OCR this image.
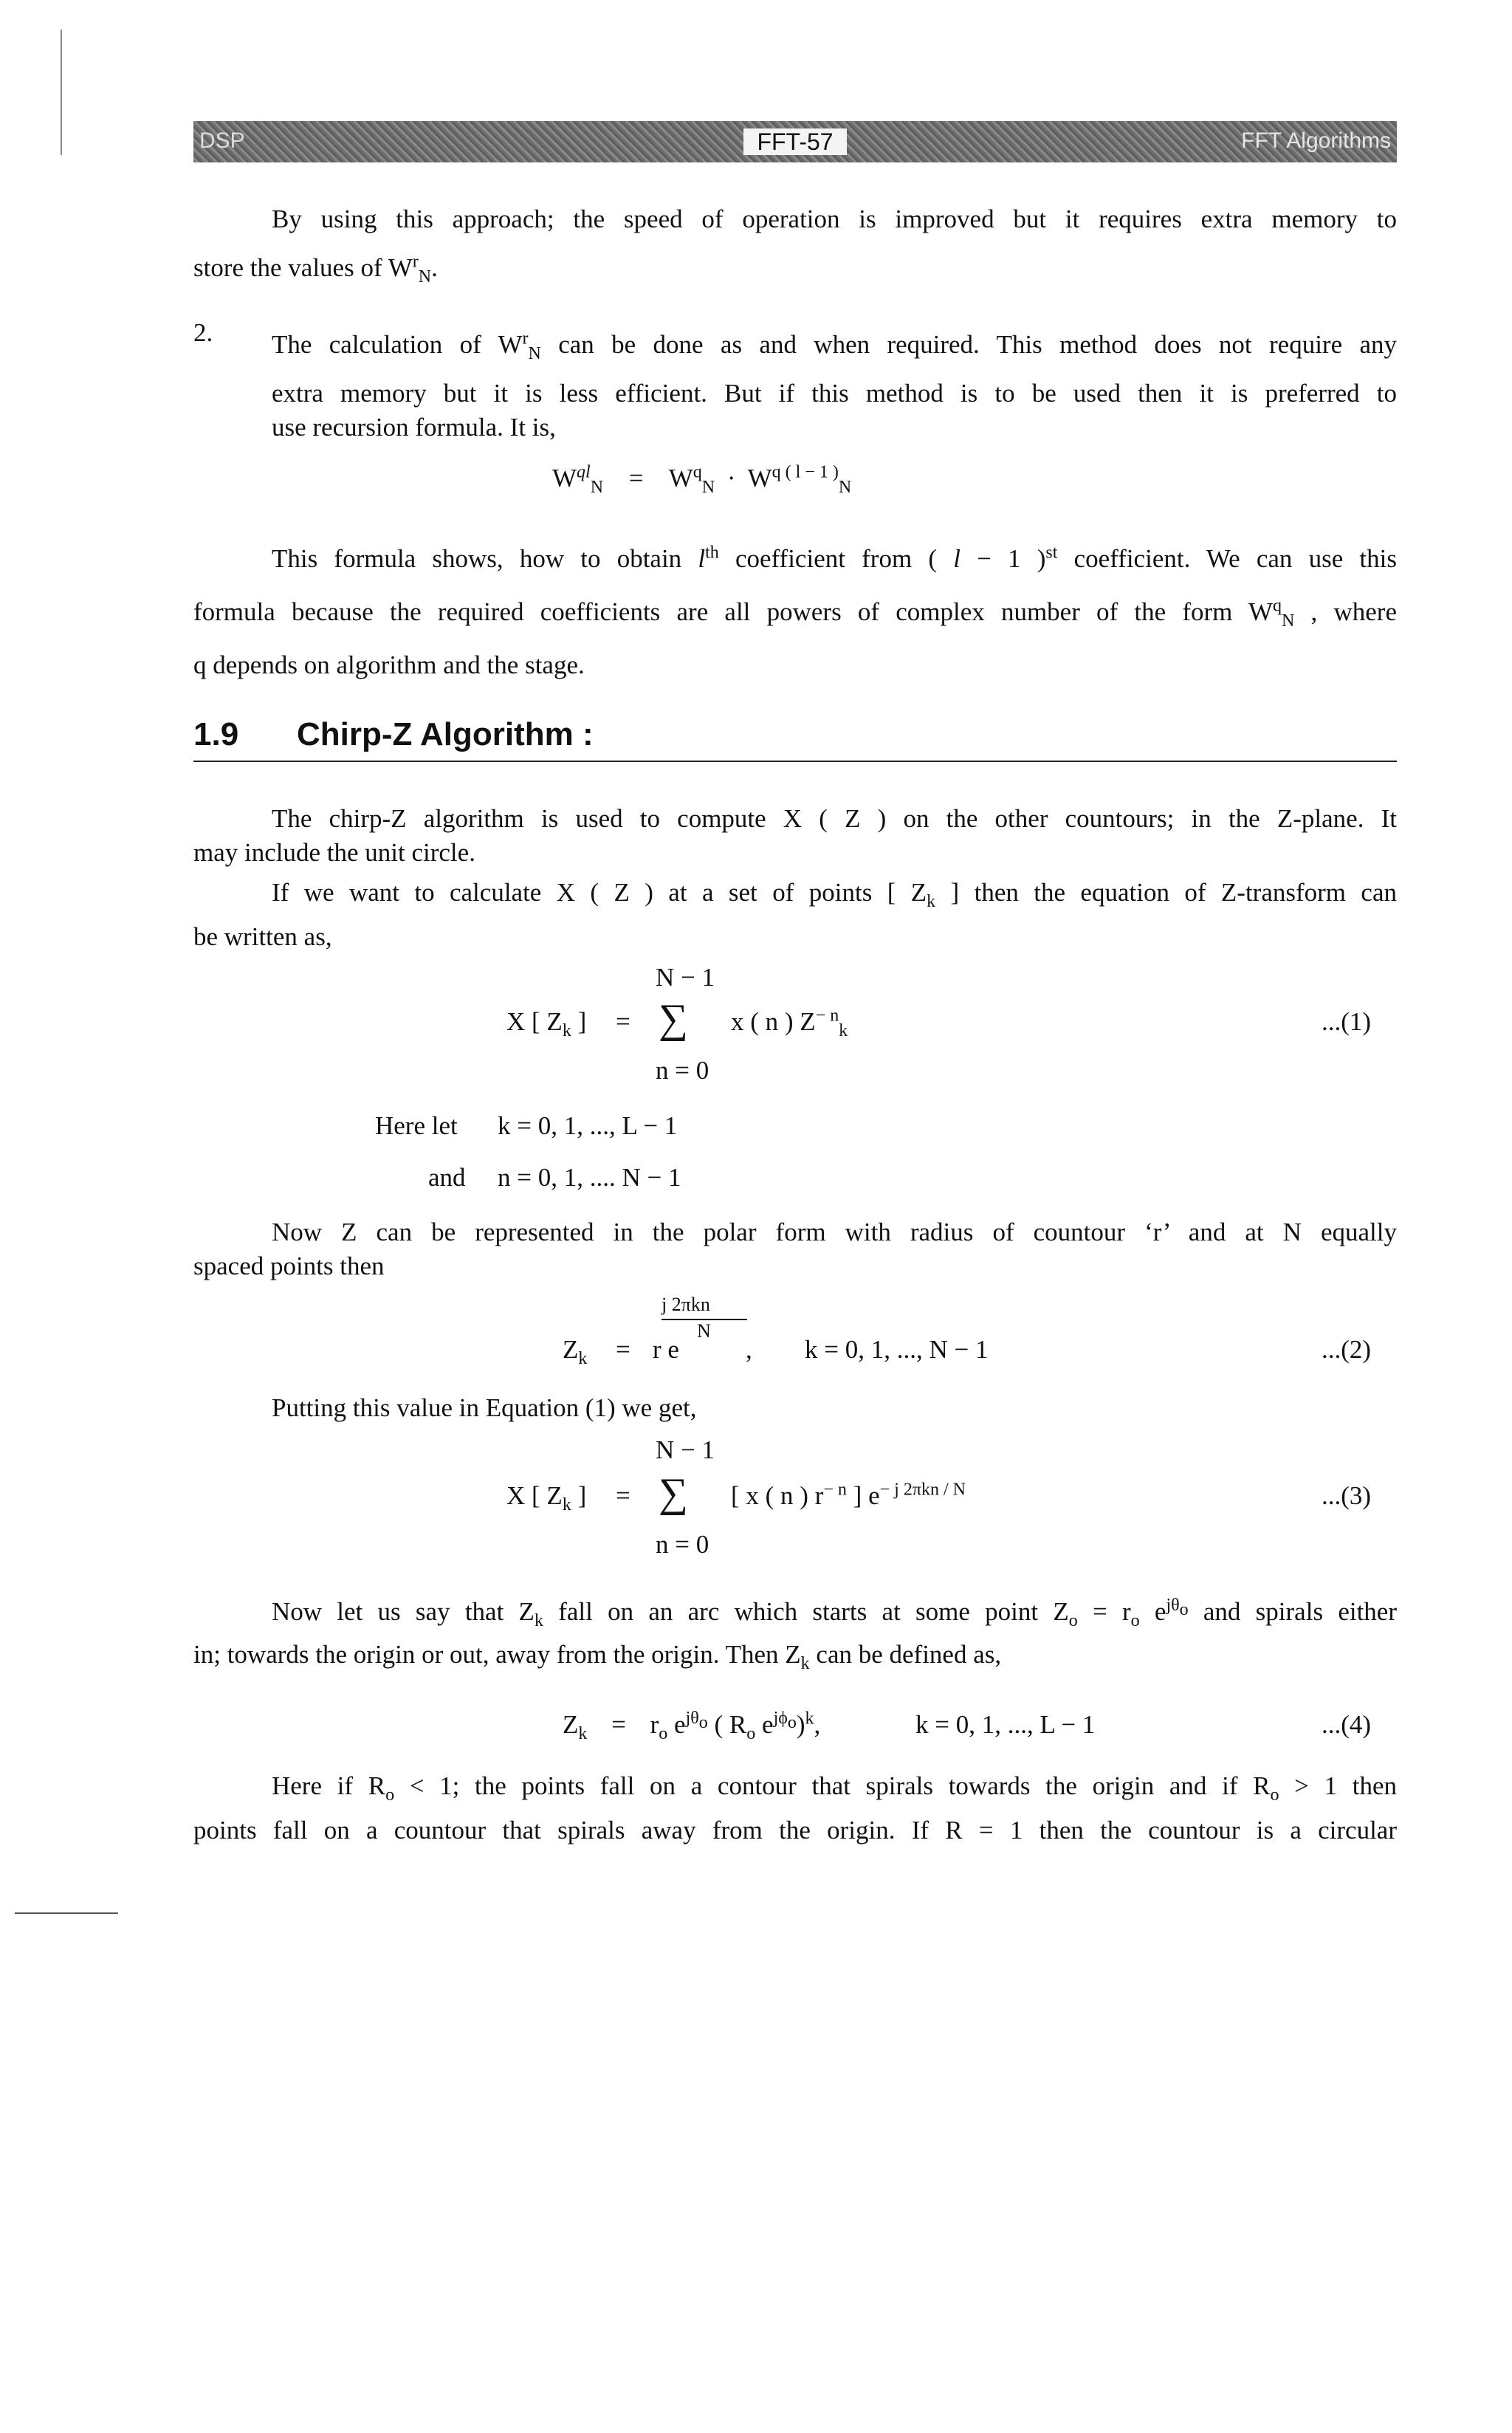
DSP	FFT-57	FFT Algorithms
By using this approach; the speed of operation is improved but it requires extra memory to
store the values of $W^r_N$.
2. The calculation of $W^r_N$ can be done as and when required. This method does not require any
extra memory but it is less efficient. But if this method is to be used then it is preferred to
use recursion formula. It is,
$W^{ql}_N = W^q_N \cdot W^{q ( l - 1 )}_N$
This formula shows, how to obtain $l^{th}$ coefficient from ( l − 1 )$^{st}$ coefficient. We can use this
formula because the required coefficients are all powers of complex number of the form $W^q_N$ , where
q depends on algorithm and the stage.
1.9 Chirp-Z Algorithm :
The chirp-Z algorithm is used to compute X ( Z ) on the other countours; in the Z-plane. It
may include the unit circle.
If we want to calculate X ( Z ) at a set of points [ $Z_k$ ] then the equation of Z-transform can
be written as,
N − 1
X [ $Z_k$ ] = ∑ x ( n ) $Z^{- n}_k$
n = 0
...(1)
Here let k = 0, 1, ..., L − 1
and n = 0, 1, .... N − 1
Now Z can be represented in the polar form with radius of countour ‘r’ and at N equally
spaced points then
j 2πkn
N
$Z_k = r$ e	, k = 0, 1, ..., N − 1	...(2)
Putting this value in Equation (1) we get,
N − 1
X [ $Z_k$ ] = ∑ [ x ( n ) $r^{- n}$ ] $e^{- j 2\pi kn / N}$
n = 0
...(3)
Now let us say that $Z_k$ fall on an arc which starts at some point $Z_o = r_o$ $e^{j\theta_o}$ and spirals either
in; towards the origin or out, away from the origin. Then $Z_k$ can be defined as,
$Z_k = r_o$ $e^{j\theta_o}$ ( $R_o$ $e^{j\phi_o})^k$,	k = 0, 1, ..., L − 1	...(4)
Here if $R_o < 1$; the points fall on a contour that spirals towards the origin and if $R_o > 1$ then
points fall on a countour that spirals away from the origin. If R = 1 then the countour is a circular
